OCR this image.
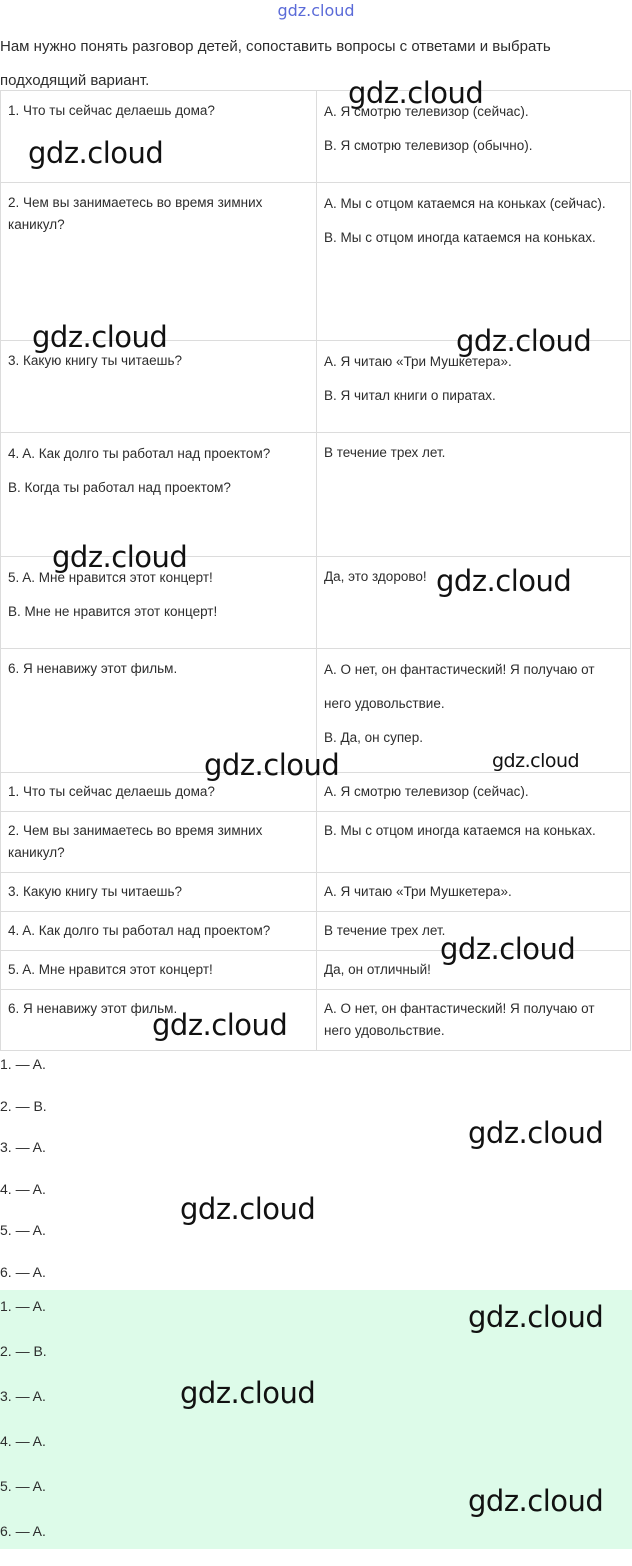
gdz.cloud
Нам нужно понять разговор детей, сопоставить вопросы с ответами и выбрать подходящий вариант.
1. Что ты сейчас делаешь дома?	A. Я смотрю телевизор (сейчас).
B. Я смотрю телевизор (обычно).

2. Чем вы занимаетесь во время зимних каникул?	A. Мы с отцом катаемся на коньках (сейчас).
B. Мы с отцом иногда катаемся на коньках.

3. Какую книгу ты читаешь?	A. Я читаю «Три Мушкетера».
B. Я читал книги о пиратах.

4. A. Как долго ты работал над проектом?
B. Когда ты работал над проектом?	В течение трех лет.

5. A. Мне нравится этот концерт!
B. Мне не нравится этот концерт!	Да, это здорово!

6. Я ненавижу этот фильм.	A. О нет, он фантастический! Я получаю от него удовольствие.
B. Да, он супер.
1. Что ты сейчас делаешь дома?	A. Я смотрю телевизор (сейчас).
2. Чем вы занимаетесь во время зимних каникул?	B. Мы с отцом иногда катаемся на коньках.
3. Какую книгу ты читаешь?	A. Я читаю «Три Мушкетера».
4. A. Как долго ты работал над проектом?	В течение трех лет.
5. A. Мне нравится этот концерт!	Да, он отличный!
6. Я ненавижу этот фильм.	A. О нет, он фантастический! Я получаю от него удовольствие.
1. — A.
2. — B.
3. — A.
4. — A.
5. — A.
6. — A.
1. — A.
2. — B.
3. — A.
4. — A.
5. — A.
6. — A.
gdz.cloud
gdz.cloud
gdz.cloud	gdz.cloud
gdz.cloud
gdz.cloud
gdz.cloud	gdz.cloud
gdz.cloud
gdz.cloud
gdz.cloud
gdz.cloud
gdz.cloud
gdz.cloud
gdz.cloud
